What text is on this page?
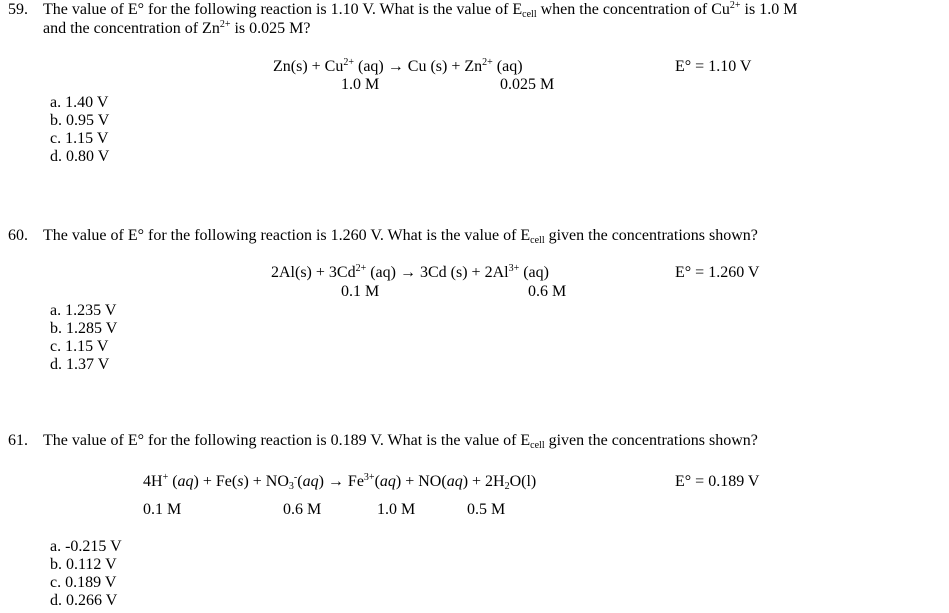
59. The value of E° for the following reaction is 1.10 V. What is the value of $E_{cell}$ when the concentration of $Cu^{2+}$ is 1.0 M
and the concentration of $Zn^{2+}$ is 0.025 M?
$Zn(s) + Cu^{2+}$ (aq) → Cu $(s) + Zn^{2+}$ (aq)
1.0 M	0.025 M
E° = 1.10 V
a. 1.40 V
b. 0.95 V
c. 1.15 V
d. 0.80 V
60. The value of E° for the following reaction is 1.260 V. What is the value of $E_{cell}$ given the concentrations shown?
$2Al(s) + 3Cd^{2+}$ (aq) → 3Cd $(s) + 2Al^{3+}$ (aq)
0.1 M	0.6 M
E° = 1.260 V
a. 1.235 V
b. 1.285 V
c. 1.15 V
d. 1.37 V
61. The value of E° for the following reaction is 0.189 V. What is the value of $E_{cell}$ given the concentrations shown?
4H+ $(aq) + Fe(s) + NO_3^-(aq) \to Fe^{3+}(aq) + NO(aq) + 2H_2O(l)$
0.1 M	0.6 M	1.0 M	0.5 M
E° = 0.189 V
a. -0.215 V
b. 0.112 V
c. 0.189 V
d. 0.266 V
